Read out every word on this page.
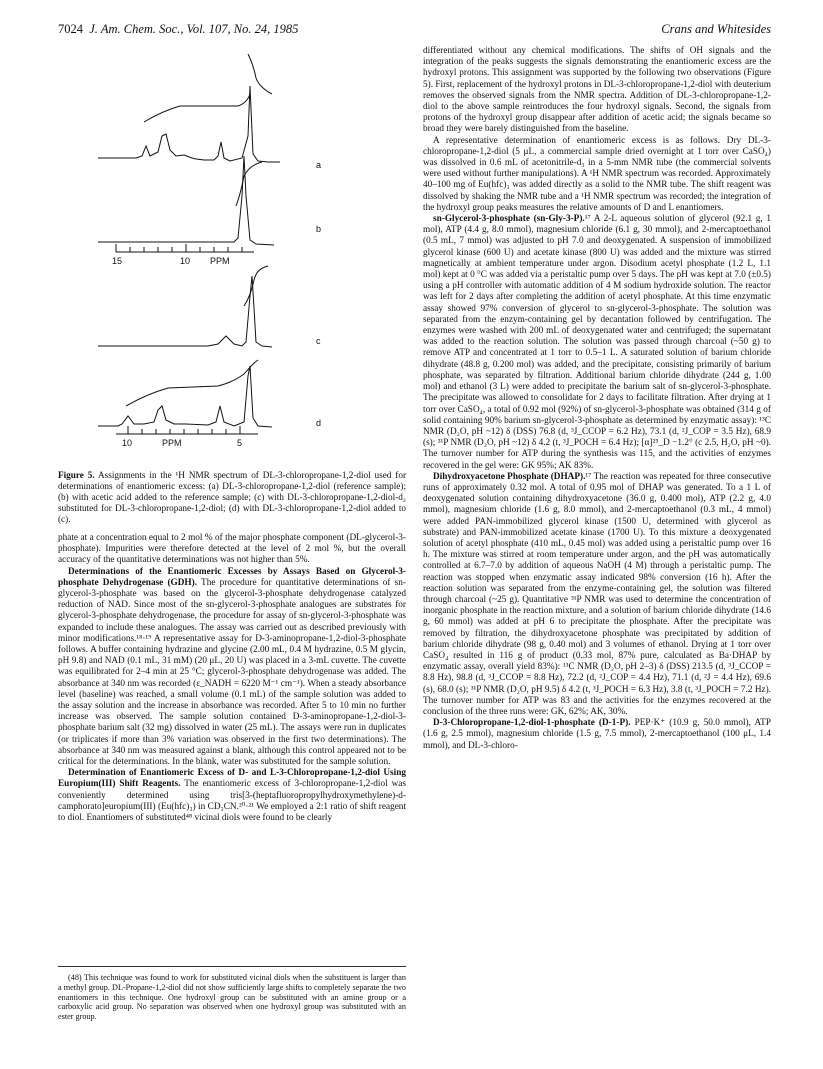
7024 J. Am. Chem. Soc., Vol. 107, No. 24, 1985	Crans and Whitesides
a
b
c
d
15	10 PPM
10	PPM	5
Figure 5. Assignments in the ¹H NMR spectrum of DL-3-chloropropane-1,2-diol used for determinations of enantiomeric excess: (a) DL-3-chloropropane-1,2-diol (reference sample); (b) with acetic acid added to the reference sample; (c) with DL-3-chloropropane-1,2-diol-d₂ substituted for DL-3-chloropropane-1,2-diol; (d) with DL-3-chloropropane-1,2-diol added to (c).

phate at a concentration equal to 2 mol % of the major phosphate component (DL-glycerol-3-phosphate). Impurities were therefore detected at the level of 2 mol %, but the overall accuracy of the quantitative determinations was not higher than 5%.

Determinations of the Enantiomeric Excesses by Assays Based on Glycerol-3-phosphate Dehydrogenase (GDH). The procedure for quantitative determinations of sn-glycerol-3-phosphate was based on the glycerol-3-phosphate dehydrogenase catalyzed reduction of NAD. Since most of the sn-glycerol-3-phosphate analogues are substrates for glycerol-3-phosphate dehydrogenase, the procedure for assay of sn-glycerol-3-phosphate was expanded to include these analogues. The assay was carried out as described previously with minor modifications.¹⁸·¹⁹ A representative assay for D-3-aminopropane-1,2-diol-3-phosphate follows. A buffer containing hydrazine and glycine (2.00 mL, 0.4 M hydrazine, 0.5 M glycin, pH 9.8) and NAD (0.1 mL, 31 mM) (20 μL, 20 U) was placed in a 3-mL cuvette. The cuvette was equilibrated for 2–4 min at 25 °C; glycerol-3-phosphate dehydrogenase was added. The absorbance at 340 nm was recorded (ε_NADH = 6220 M⁻¹ cm⁻¹). When a steady absorbance level (baseline) was reached, a small volume (0.1 mL) of the sample solution was added to the assay solution and the increase in absorbance was recorded. After 5 to 10 min no further increase was observed. The sample solution contained D-3-aminopropane-1,2-diol-3-phosphate barium salt (32 mg) dissolved in water (25 mL). The assays were run in duplicates (or triplicates if more than 3% variation was observed in the first two determinations). The absorbance at 340 nm was measured against a blank, although this control appeared not to be critical for the determinations. In the blank, water was substituted for the sample solution.

Determination of Enantiomeric Excess of D- and L-3-Chloropropane-1,2-diol Using Europium(III) Shift Reagents. The enantiomeric excess of 3-chloropropane-1,2-diol was conveniently determined using tris[3-(heptafluoropropylhydroxymethylene)-d-camphorato]europium(III) (Eu(hfc)₃) in CD₃CN.²⁰·²¹ We employed a 2:1 ratio of shift reagent to diol. Enantiomers of substituted⁴⁸ vicinal diols were found to be clearly

(48) This technique was found to work for substituted vicinal diols when the substituent is larger than a methyl group. DL-Propane-1,2-diol did not show sufficiently large shifts to completely separate the two enantiomers in this technique. One hydroxyl group can be substituted with an amine group or a carboxylic acid group. No separation was observed when one hydroxyl group was substituted with an ester group.

differentiated without any chemical modifications. The shifts of OH signals and the integration of the peaks suggests the signals demonstrating the enantiomeric excess are the hydroxyl protons. This assignment was supported by the following two observations (Figure 5). First, replacement of the hydroxyl protons in DL-3-chloropropane-1,2-diol with deuterium removes the observed signals from the NMR spectra. Addition of DL-3-chloropropane-1,2-diol to the above sample reintroduces the four hydroxyl signals. Second, the signals from protons of the hydroxyl group disappear after addition of acetic acid; the signals became so broad they were barely distinguished from the baseline.

A representative determination of enantiomeric excess is as follows. Dry DL-3-chloropropane-1,2-diol (5 μL, a commercial sample dried overnight at 1 torr over CaSO₄) was dissolved in 0.6 mL of acetonitrile-d₃ in a 5-mm NMR tube (the commercial solvents were used without further manipulations). A ¹H NMR spectrum was recorded. Approximately 40–100 mg of Eu(hfc)₃ was added directly as a solid to the NMR tube. The shift reagent was dissolved by shaking the NMR tube and a ¹H NMR spectrum was recorded; the integration of the hydroxyl group peaks measures the relative amounts of D and L enantiomers.

sn-Glycerol-3-phosphate (sn-Gly-3-P).¹⁷ A 2-L aqueous solution of glycerol (92.1 g, 1 mol), ATP (4.4 g, 8.0 mmol), magnesium chloride (6.1 g, 30 mmol), and 2-mercaptoethanol (0.5 mL, 7 mmol) was adjusted to pH 7.0 and deoxygenated. A suspension of immobilized glycerol kinase (600 U) and acetate kinase (800 U) was added and the mixture was stirred magnetically at ambient temperature under argon. Disodium acetyl phosphate (1.2 L, 1.1 mol) kept at 0 °C was added via a peristaltic pump over 5 days. The pH was kept at 7.0 (±0.5) using a pH controller with automatic addition of 4 M sodium hydroxide solution. The reactor was left for 2 days after completing the addition of acetyl phosphate. At this time enzymatic assay showed 97% conversion of glycerol to sn-glycerol-3-phosphate. The solution was separated from the enzym-containing gel by decantation followed by centrifugation. The enzymes were washed with 200 mL of deoxygenated water and centrifuged; the supernatant was added to the reaction solution. The solution was passed through charcoal (~50 g) to remove ATP and concentrated at 1 torr to 0.5–1 L. A saturated solution of barium chloride dihydrate (48.8 g, 0.200 mol) was added, and the precipitate, consisting primarily of barium phosphate, was separated by filtration. Additional barium chloride dihydrate (244 g, 1.00 mol) and ethanol (3 L) were added to precipitate the barium salt of sn-glycerol-3-phosphate. The precipitate was allowed to consolidate for 2 days to facilitate filtration. After drying at 1 torr over CaSO₄, a total of 0.92 mol (92%) of sn-glycerol-3-phosphate was obtained (314 g of solid containing 90% barium sn-glycerol-3-phosphate as determined by enzymatic assay): ¹³C NMR (D₂O, pH ~12) δ (DSS) 76.8 (d, ³J_CCOP = 6.2 Hz), 73.1 (d, ²J_COP = 3.5 Hz), 68.9 (s); ³¹P NMR (D₂O, pH ~12) δ 4.2 (t, ³J_POCH = 6.4 Hz); [α]²⁵_D −1.2° (c 2.5, H₂O, pH ~0). The turnover number for ATP during the synthesis was 115, and the activities of enzymes recovered in the gel were: GK 95%; AK 83%.

Dihydroxyacetone Phosphate (DHAP).¹⁷ The reaction was repeated for three consecutive runs of approximately 0.32 mol. A total of 0.95 mol of DHAP was generated. To a 1 L of deoxygenated solution containing dihydroxyacetone (36.0 g, 0.400 mol), ATP (2.2 g, 4.0 mmol), magnesium chloride (1.6 g, 8.0 mmol), and 2-mercaptoethanol (0.3 mL, 4 mmol) were added PAN-immobilized glycerol kinase (1500 U, determined with glycerol as substrate) and PAN-immobilized acetate kinase (1700 U). To this mixture a deoxygenated solution of acetyl phosphate (410 mL, 0.45 mol) was added using a peristaltic pump over 16 h. The mixture was stirred at room temperature under argon, and the pH was automatically controlled at 6.7–7.0 by addition of aqueous NaOH (4 M) through a peristaltic pump. The reaction was stopped when enzymatic assay indicated 98% conversion (16 h). After the reaction solution was separated from the enzyme-containing gel, the solution was filtered through charcoal (~25 g). Quantitative ³¹P NMR was used to determine the concentration of inorganic phosphate in the reaction mixture, and a solution of barium chloride dihydrate (14.6 g, 60 mmol) was added at pH 6 to precipitate the phosphate. After the precipitate was removed by filtration, the dihydroxyacetone phosphate was precipitated by addition of barium chloride dihydrate (98 g, 0.40 mol) and 3 volumes of ethanol. Drying at 1 torr over CaSO₄ resulted in 116 g of product (0.33 mol, 87% pure, calculated as Ba·DHAP by enzymatic assay, overall yield 83%): ¹³C NMR (D₂O, pH 2–3) δ (DSS) 213.5 (d, ³J_CCOP = 8.8 Hz), 98.8 (d, ³J_CCOP = 8.8 Hz), 72.2 (d, ²J_COP = 4.4 Hz), 71.1 (d, ²J = 4.4 Hz), 69.6 (s), 68.0 (s); ³¹P NMR (D₂O, pH 9.5) δ 4.2 (t, ³J_POCH = 6.3 Hz), 3.8 (t, ³J_POCH = 7.2 Hz). The turnover number for ATP was 83 and the activities for the enzymes recovered at the conclusion of the three runs were: GK, 62%; AK, 30%.

D-3-Chloropropane-1,2-diol-1-phosphate (D-1-P). PEP·K⁺ (10.9 g, 50.0 mmol), ATP (1.6 g, 2.5 mmol), magnesium chloride (1.5 g, 7.5 mmol), 2-mercaptoethanol (100 μL, 1.4 mmol), and DL-3-chloro-
